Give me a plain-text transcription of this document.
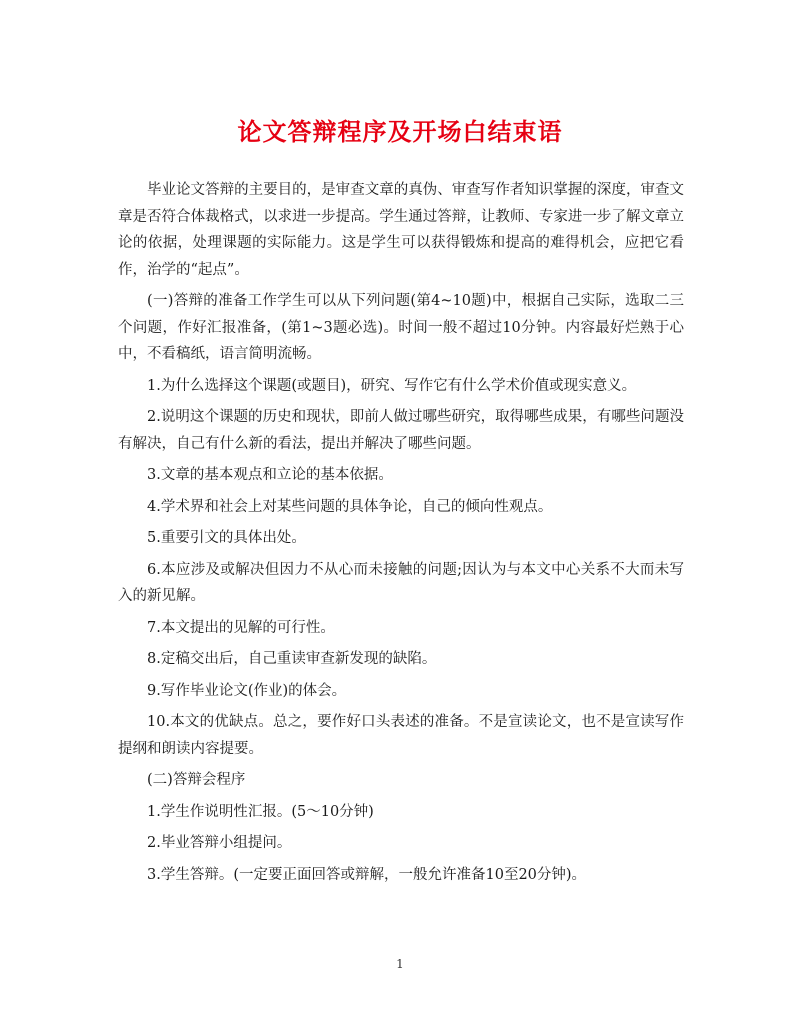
论文答辩程序及开场白结束语

毕业论文答辩的主要目的，是审查文章的真伪、审查写作者知识掌握的深度，审查文章是否符合体裁格式，以求进一步提高。学生通过答辩，让教师、专家进一步了解文章立论的依据，处理课题的实际能力。这是学生可以获得锻炼和提高的难得机会，应把它看作，治学的“起点”。

(一)答辩的准备工作学生可以从下列问题(第4~10题)中，根据自己实际，选取二三个问题，作好汇报准备，(第1~3题必选)。时间一般不超过10分钟。内容最好烂熟于心中，不看稿纸，语言简明流畅。

1.为什么选择这个课题(或题目)，研究、写作它有什么学术价值或现实意义。

2.说明这个课题的历史和现状，即前人做过哪些研究，取得哪些成果，有哪些问题没有解决，自己有什么新的看法，提出并解决了哪些问题。

3.文章的基本观点和立论的基本依据。

4.学术界和社会上对某些问题的具体争论，自己的倾向性观点。

5.重要引文的具体出处。

6.本应涉及或解决但因力不从心而未接触的问题;因认为与本文中心关系不大而未写入的新见解。

7.本文提出的见解的可行性。

8.定稿交出后，自己重读审查新发现的缺陷。

9.写作毕业论文(作业)的体会。

10.本文的优缺点。总之，要作好口头表述的准备。不是宣读论文，也不是宣读写作提纲和朗读内容提要。

(二)答辩会程序

1.学生作说明性汇报。(5～10分钟)

2.毕业答辩小组提问。

3.学生答辩。(一定要正面回答或辩解，一般允许准备10至20分钟)。

1
